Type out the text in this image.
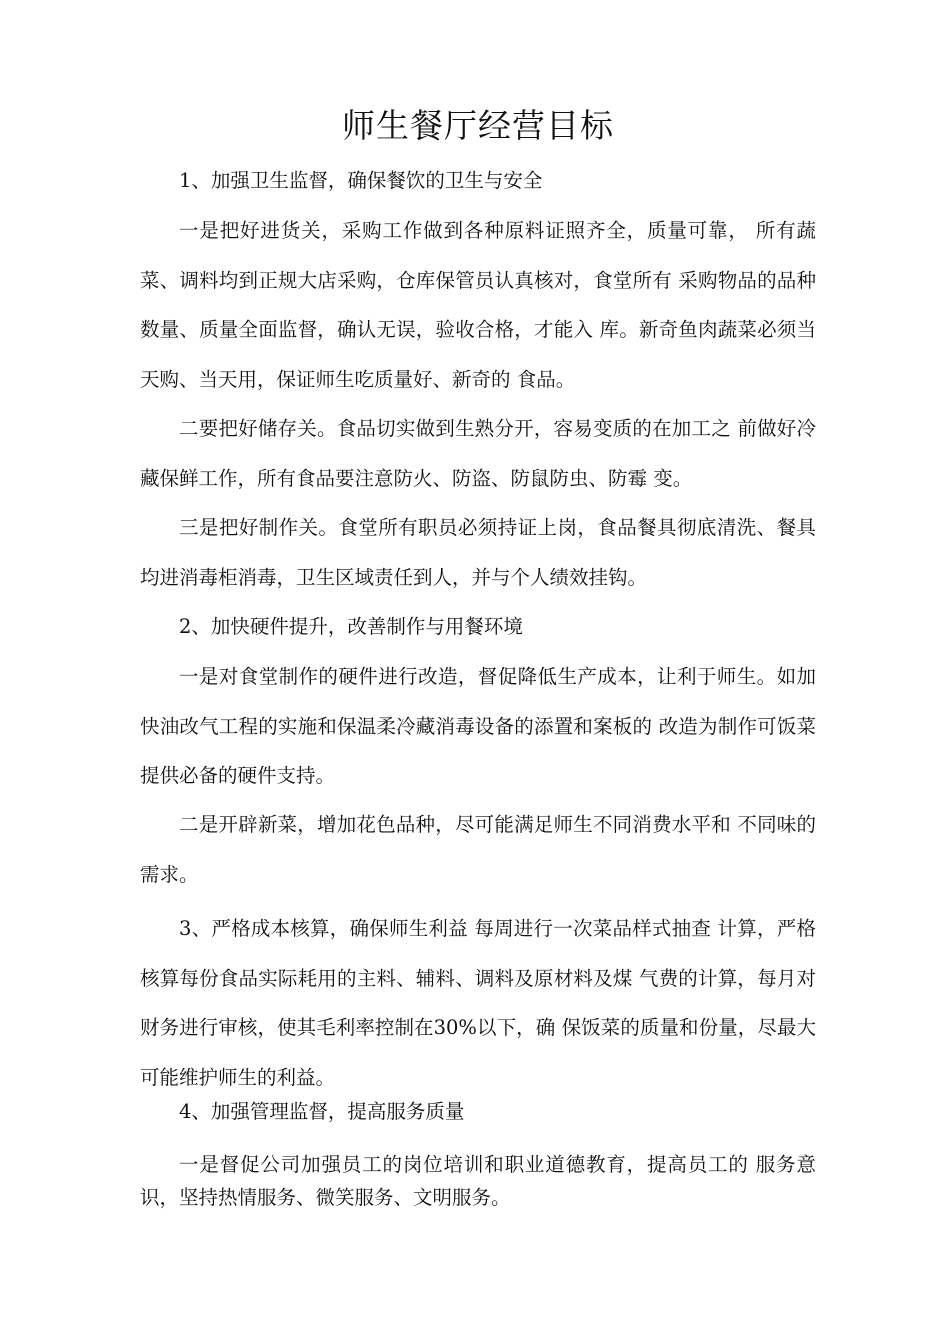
师生餐厅经营目标

1、加强卫生监督，确保餐饮的卫生与安全

一是把好进货关，采购工作做到各种原料证照齐全，质量可靠， 所有蔬菜、调料均到正规大店采购，仓库保管员认真核对，食堂所有 采购物品的品种数量、质量全面监督，确认无误，验收合格，才能入 库。新奇鱼肉蔬菜必须当天购、当天用，保证师生吃质量好、新奇的 食品。

二要把好储存关。食品切实做到生熟分开，容易变质的在加工之 前做好冷藏保鲜工作，所有食品要注意防火、防盗、防鼠防虫、防霉 变。

三是把好制作关。食堂所有职员必须持证上岗，食品餐具彻底清洗、餐具均进消毒柜消毒，卫生区域责任到人，并与个人绩效挂钩。

2、加快硬件提升，改善制作与用餐环境

一是对食堂制作的硬件进行改造，督促降低生产成本，让利于师生。如加快油改气工程的实施和保温柔冷藏消毒设备的添置和案板的 改造为制作可饭菜提供必备的硬件支持。

二是开辟新菜，增加花色品种，尽可能满足师生不同消费水平和 不同味的需求。

3、严格成本核算，确保师生利益 每周进行一次菜品样式抽查 计算，严格核算每份食品实际耗用的主料、辅料、调料及原材料及煤 气费的计算，每月对财务进行审核，使其毛利率控制在30%以下，确 保饭菜的质量和份量，尽最大可能维护师生的利益。

4、加强管理监督，提高服务质量

一是督促公司加强员工的岗位培训和职业道德教育，提高员工的 服务意识，坚持热情服务、微笑服务、文明服务。
